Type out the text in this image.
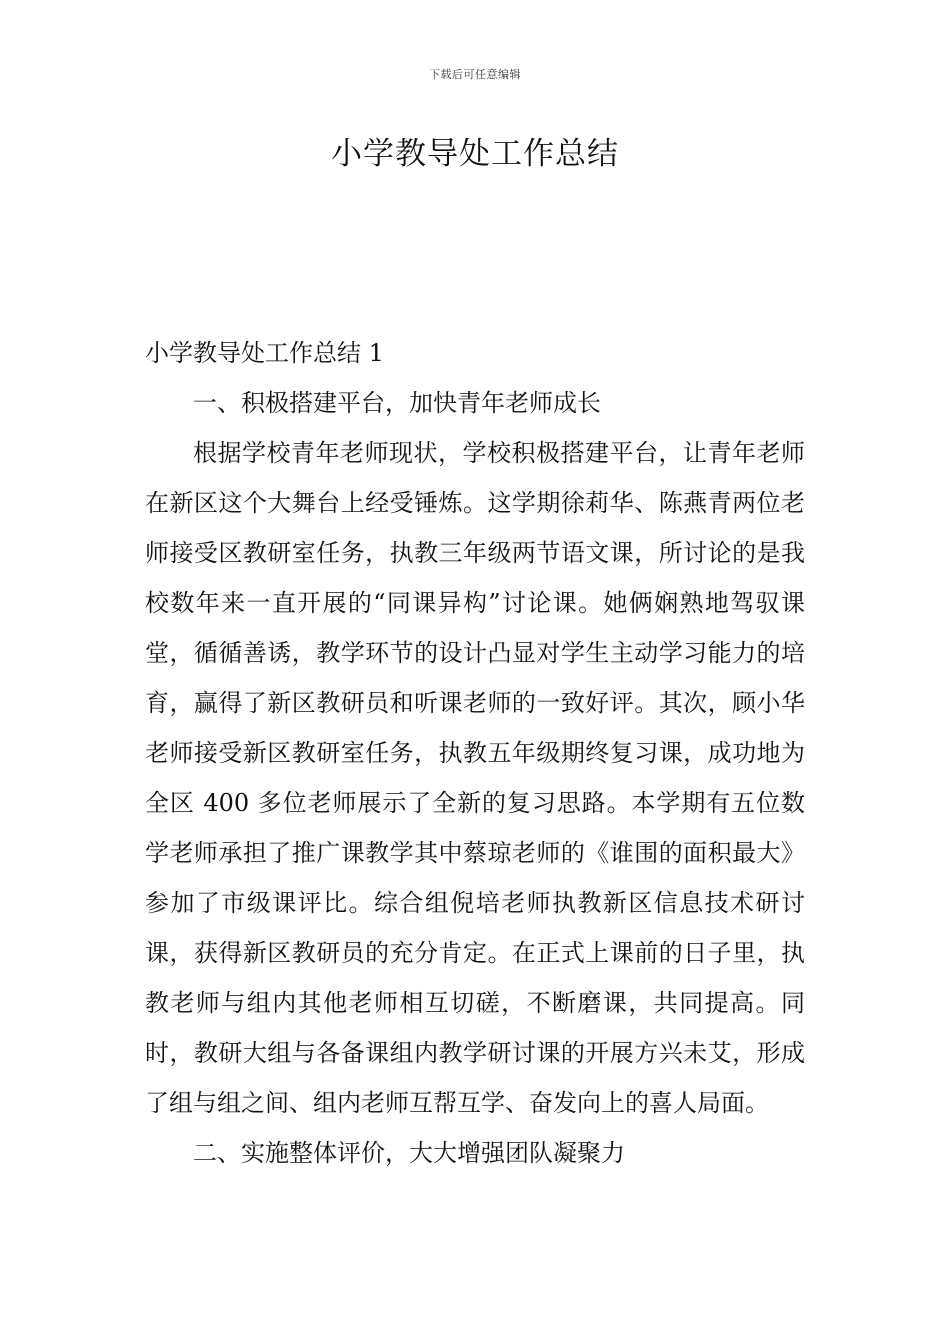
下载后可任意编辑
小学教导处工作总结

小学教导处工作总结 1

一、积极搭建平台，加快青年老师成长

根据学校青年老师现状，学校积极搭建平台，让青年老师在新区这个大舞台上经受锤炼。这学期徐莉华、陈燕青两位老师接受区教研室任务，执教三年级两节语文课，所讨论的是我校数年来一直开展的“同课异构”讨论课。她俩娴熟地驾驭课堂，循循善诱，教学环节的设计凸显对学生主动学习能力的培育，赢得了新区教研员和听课老师的一致好评。其次，顾小华老师接受新区教研室任务，执教五年级期终复习课，成功地为全区 400 多位老师展示了全新的复习思路。本学期有五位数学老师承担了推广课教学其中蔡琼老师的《谁围的面积最大》参加了市级课评比。综合组倪培老师执教新区信息技术研讨课，获得新区教研员的充分肯定。在正式上课前的日子里，执教老师与组内其他老师相互切磋，不断磨课，共同提高。同时，教研大组与各备课组内教学研讨课的开展方兴未艾，形成了组与组之间、组内老师互帮互学、奋发向上的喜人局面。

二、实施整体评价，大大增强团队凝聚力
